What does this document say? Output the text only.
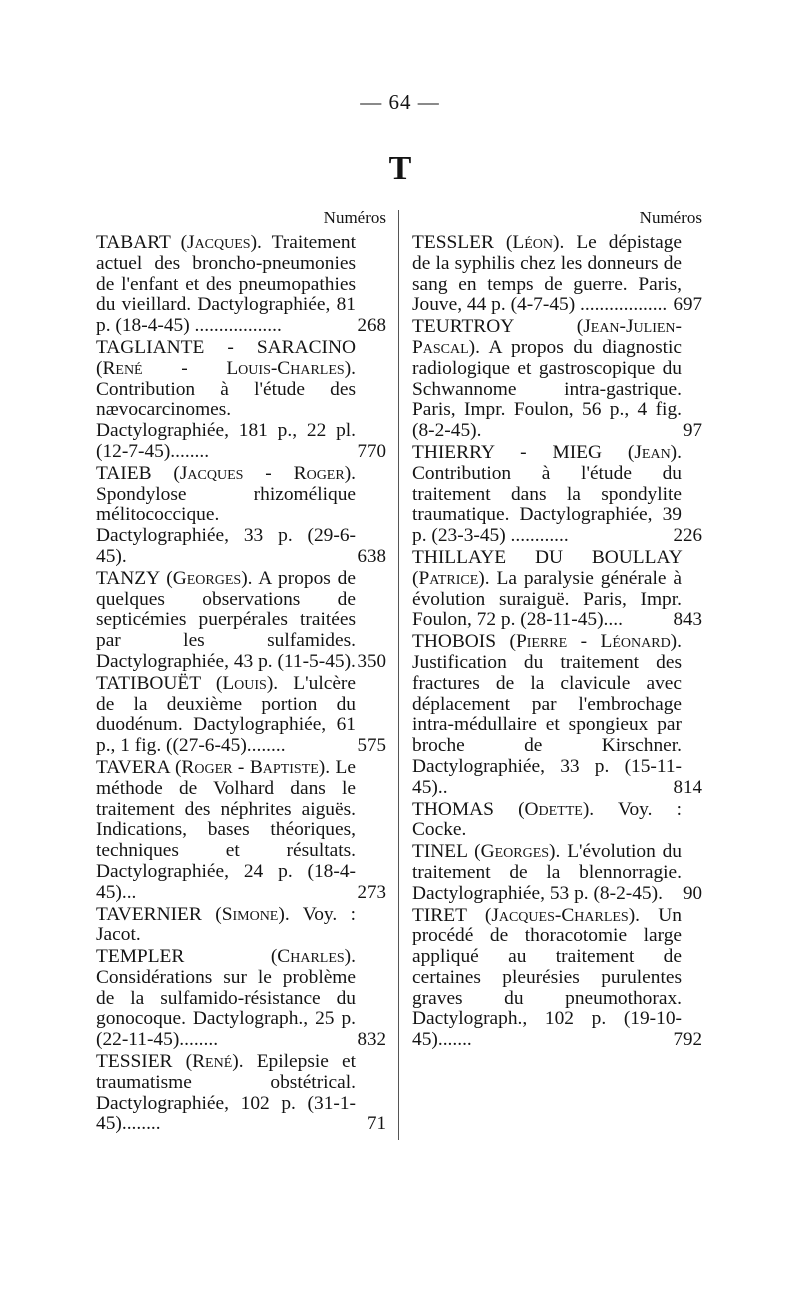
— 64 —
T
Numéros
TABART (Jacques). Traitement actuel des broncho-pneumonies de l'enfant et des pneumopathies du vieillard. Dactylographiée, 81 p. (18-4-45) ..................	268
TAGLIANTE - SARACINO (René - Louis-Charles). Contribution à l'étude des nævocarcinomes. Dactylographiée, 181 p., 22 pl. (12-7-45)........	770
TAIEB (Jacques - Roger). Spondylose rhizomélique mélitococcique. Dactylographiée, 33 p. (29-6-45).	638
TANZY (Georges). A propos de quelques observations de septicémies puerpérales traitées par les sulfamides. Dactylographiée, 43 p. (11-5-45). 350
TATIBOUËT (Louis). L'ulcère de la deuxième portion du duodénum. Dactylographiée, 61 p., 1 fig. ((27-6-45)........	575
TAVERA (Roger - Baptiste). Le méthode de Volhard dans le traitement des néphrites aiguës. Indications, bases théoriques, techniques et résultats. Dactylographiée, 24 p. (18-4-45)...	273
TAVERNIER (Simone). Voy. : Jacot.
TEMPLER	(Charles). Considérations sur le problème de la sulfamido-résistance du gonocoque. Dactylograph., 25 p. (22-11-45)........	832
TESSIER (René). Epilepsie et traumatisme obstétrical. Dactylographiée, 102 p. (31-1-45)........	71
Numéros
TESSLER (Léon). Le dépistage de la syphilis chez les donneurs de sang en temps de guerre. Paris, Jouve, 44 p. (4-7-45) .................. 697
TEURTROY	(Jean-Julien-Pascal). A propos du diagnostic radiologique et gastroscopique du Schwannome intra-gastrique. Paris, Impr. Foulon, 56 p., 4 fig. (8-2-45).	97
THIERRY - MIEG (Jean). Contribution à l'étude du traitement dans la spondylite traumatique. Dactylographiée, 39 p. (23-3-45) ............	226
THILLAYE DU BOULLAY (Patrice). La paralysie générale à évolution suraiguë. Paris, Impr. Foulon, 72 p. (28-11-45)....	843
THOBOIS (Pierre - Léonard). Justification du traitement des fractures de la clavicule avec déplacement par l'embrochage intra-médullaire et spongieux par broche de Kirschner. Dactylographiée, 33 p. (15-11-45)..	814
THOMAS (Odette). Voy. : Cocke.
TINEL (Georges). L'évolution du traitement de la blennorragie. Dactylographiée, 53 p. (8-2-45).	90
TIRET (Jacques-Charles). Un procédé de thoracotomie large appliqué au traitement de certaines pleurésies purulentes graves du pneumothorax. Dactylograph., 102 p. (19-10-45).......	792
